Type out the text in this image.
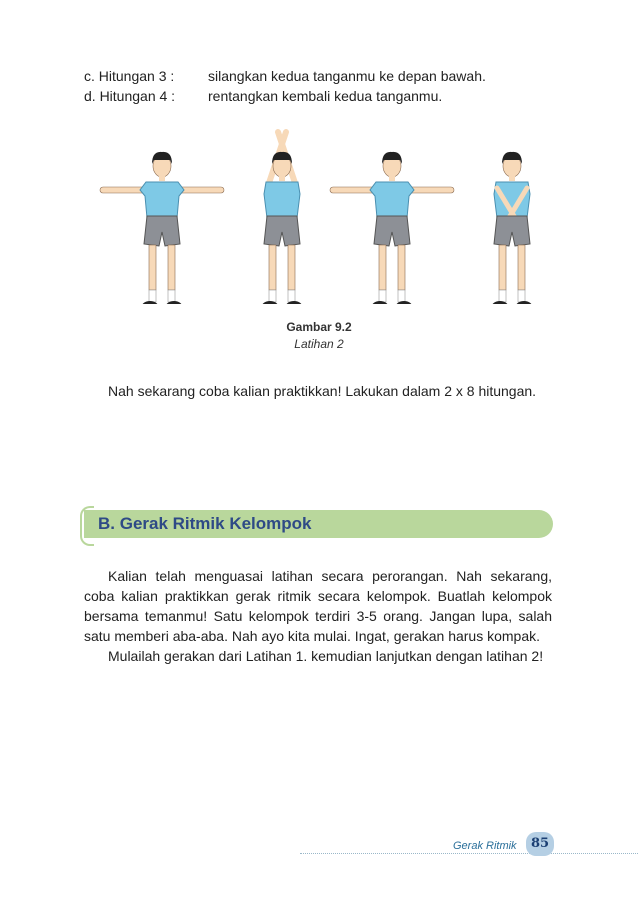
c. Hitungan 3 :	silangkan kedua tanganmu ke depan bawah.
d. Hitungan 4 :	rentangkan kembali kedua tanganmu.
Gambar 9.2
Latihan 2

Nah sekarang coba kalian praktikkan! Lakukan dalam 2 x 8 hitungan.

B. Gerak Ritmik Kelompok

Kalian telah menguasai latihan secara perorangan. Nah sekarang, coba kalian praktikkan gerak ritmik secara kelompok. Buatlah kelompok bersama temanmu! Satu kelompok terdiri 3-5 orang. Jangan lupa, salah satu memberi aba-aba. Nah ayo kita mulai. Ingat, gerakan harus kompak.

Mulailah gerakan dari Latihan 1. kemudian lanjutkan dengan latihan 2!

Gerak Ritmik	85
